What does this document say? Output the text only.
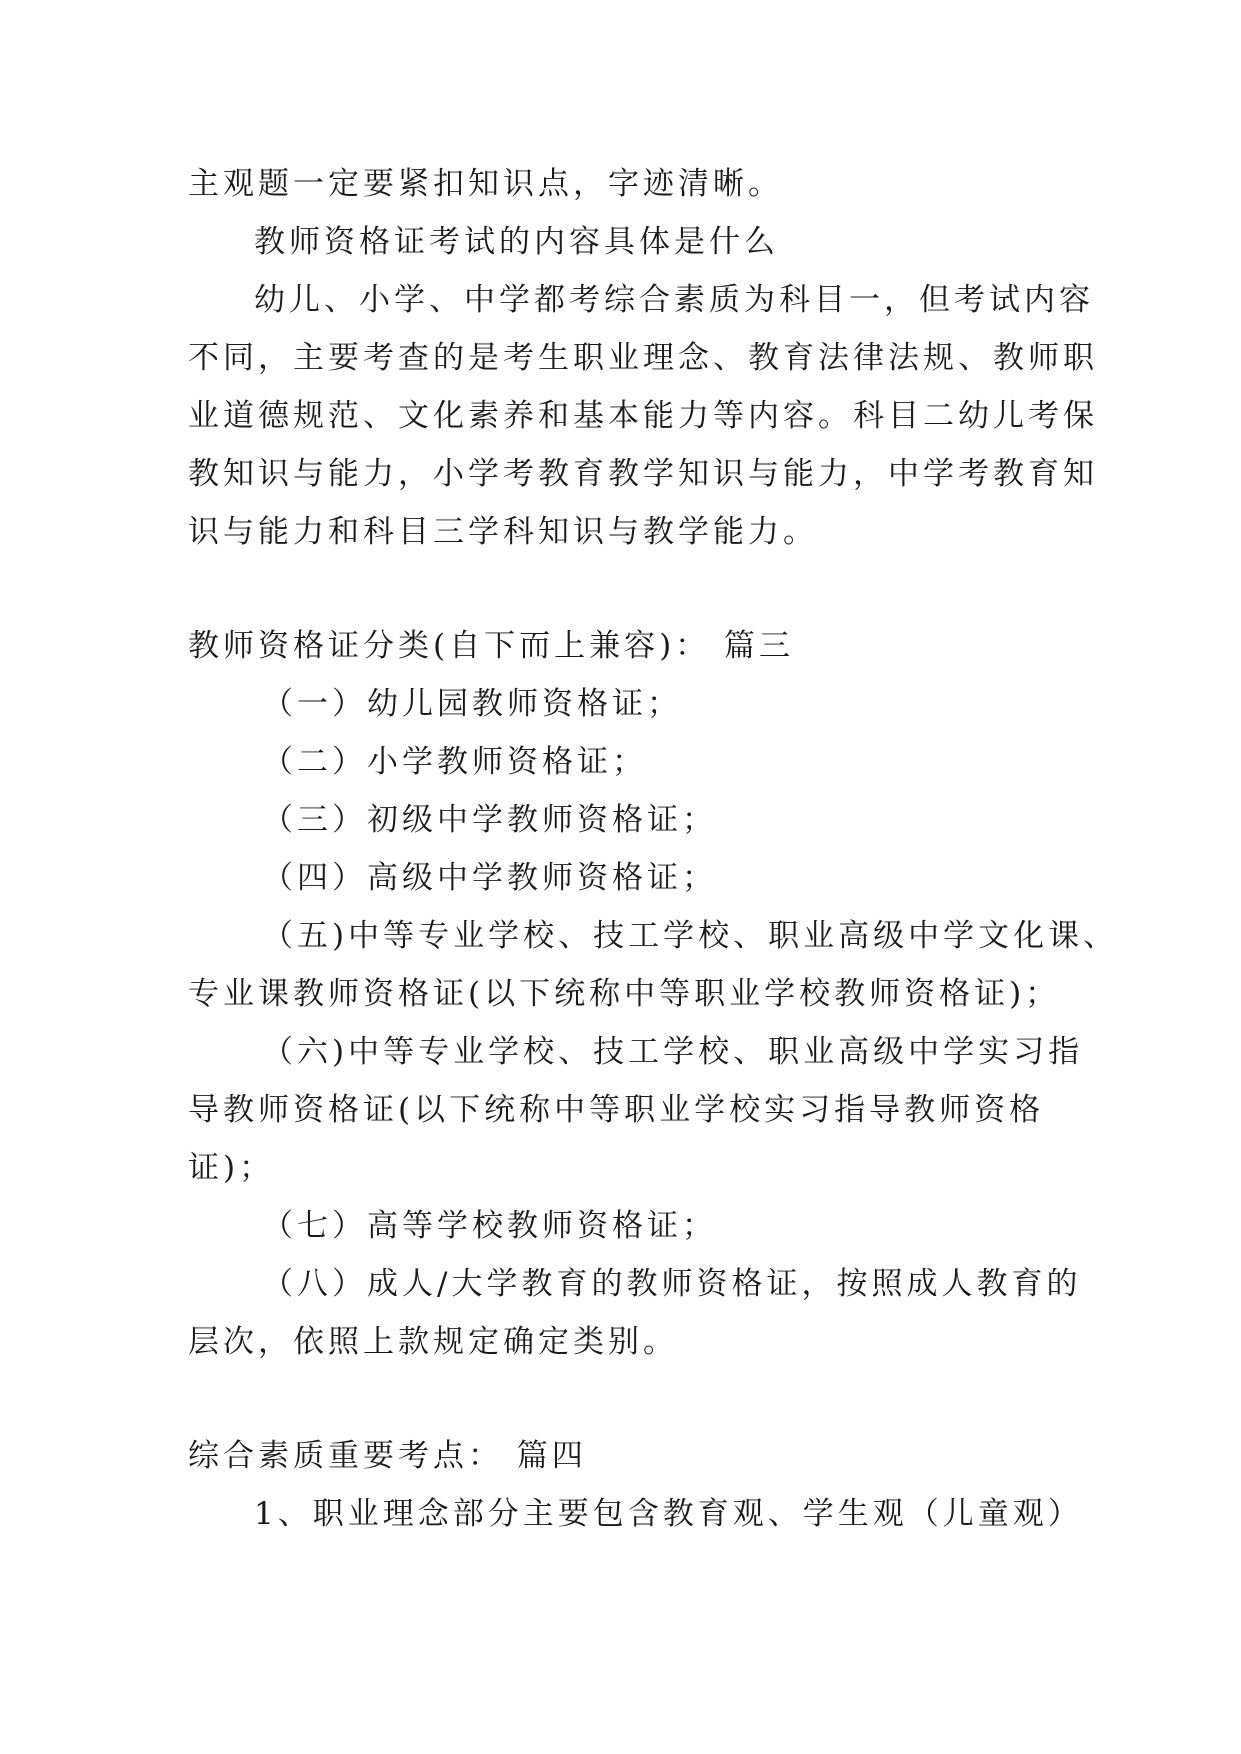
主观题一定要紧扣知识点，字迹清晰。
教师资格证考试的内容具体是什么
幼儿、小学、中学都考综合素质为科目一，但考试内容
不同，主要考查的是考生职业理念、教育法律法规、教师职
业道德规范、文化素养和基本能力等内容。科目二幼儿考保
教知识与能力，小学考教育教学知识与能力，中学考教育知
识与能力和科目三学科知识与教学能力。
教师资格证分类(自下而上兼容)： 篇三
（一）幼儿园教师资格证；
（二）小学教师资格证；
（三）初级中学教师资格证；
（四）高级中学教师资格证；
（五)中等专业学校、技工学校、职业高级中学文化课、
专业课教师资格证(以下统称中等职业学校教师资格证)；
（六)中等专业学校、技工学校、职业高级中学实习指
导教师资格证(以下统称中等职业学校实习指导教师资格
证)；
（七）高等学校教师资格证；
（八）成人/大学教育的教师资格证，按照成人教育的
层次，依照上款规定确定类别。
综合素质重要考点： 篇四
1、职业理念部分主要包含教育观、学生观（儿童观）
